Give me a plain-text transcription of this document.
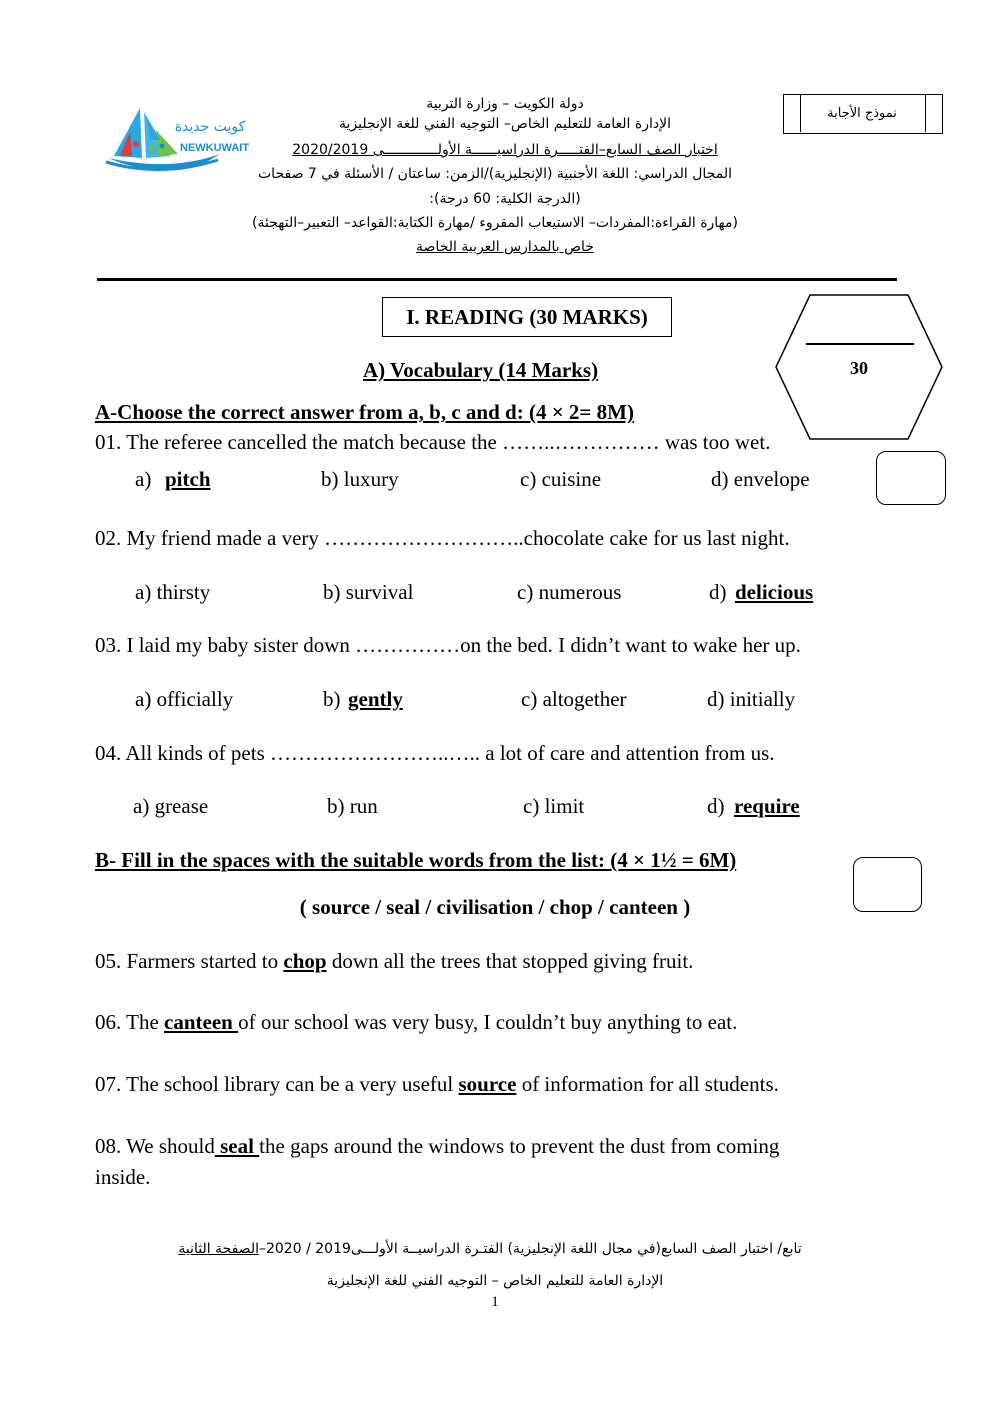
نموذج الأجابة
كويت جديدة
NEWKUWAIT
دولة الكويت – وزارة التربية
الإدارة العامة للتعليم الخاص– التوجيه الفني للغة الإنجليزية
اختبار الصف السابع–الفتـــــرة الدراسيــــــة الأولـــــــــــــى 2020/2019
المجال الدراسي: اللغة الأجنبية (الإنجليزية)/الزمن: ساعتان / الأسئلة في 7 صفحات
(الدرجة الكلية: 60 درجة):
(مهارة القراءة:المفردات– الاستيعاب المقروء /مهارة الكتابة:القواعد– التعبير–التهجئة)
خاص بالمدارس العربية الخاصة
I. READING (30 MARKS)
30
A) Vocabulary (14 Marks)
A-Choose the correct answer from a, b, c and d: (4 × 2= 8M)
01. The referee cancelled the match because the ……..…………… was too wet.
a) pitch	b) luxury	c) cuisine	d) envelope
02. My friend made a very ………………………..chocolate cake for us last night.
a) thirsty	b) survival	c) numerous	d) delicious
03. I laid my baby sister down ……………on the bed. I didn’t want to wake her up.
a) officially	b) gently	c) altogether	d) initially
04. All kinds of pets ……………………..….. a lot of care and attention from us.
a) grease	b) run	c) limit	d) require
B- Fill in the spaces with the suitable words from the list: (4 × 1½ = 6M)
( source / seal / civilisation / chop / canteen )
05. Farmers started to chop down all the trees that stopped giving fruit.
06. The canteen of our school was very busy, I couldn’t buy anything to eat.
07. The school library can be a very useful source of information for all students.
08. We should seal the gaps around the windows to prevent the dust from coming
inside.
تابع/ اختبار الصف السابع(في مجال اللغة الإنجليزية) الفتـرة الدراسيــة الأولـــى2019 / 2020–الصفحة الثانية
الإدارة العامة للتعليم الخاص – التوجيه الفني للغة الإنجليزية
1
